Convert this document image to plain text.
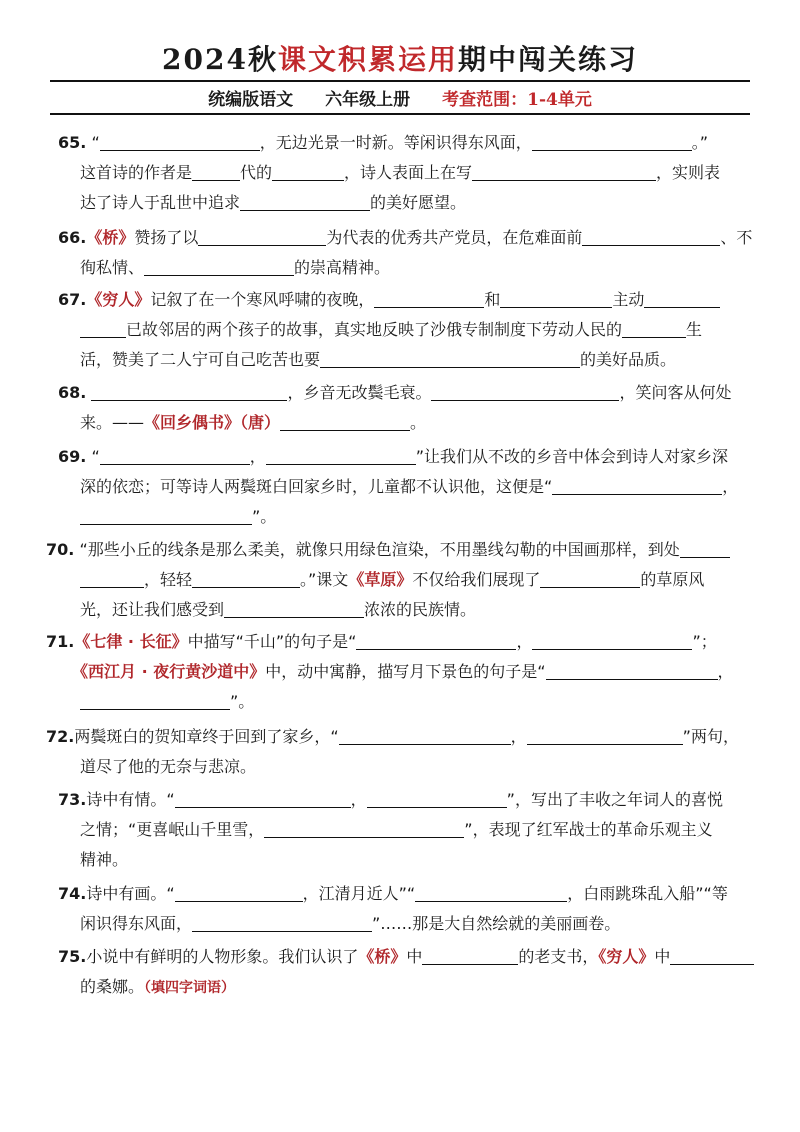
2024秋课文积累运用期中闯关练习
统编版语文 六年级上册 考查范围：1-4单元
65. “	，无边光景一时新。等闲识得东风面，	。”
这首诗的作者是	代的	，诗人表面上在写	，实则表
达了诗人于乱世中追求	的美好愿望。
66.《桥》赞扬了以	为代表的优秀共产党员，在危难面前	、不
徇私情、	的崇高精神。
67.《穷人》记叙了在一个寒风呼啸的夜晚，	和	主动
已故邻居的两个孩子的故事，真实地反映了沙俄专制制度下劳动人民的	生
活，赞美了二人宁可自己吃苦也要	的美好品质。
68.	，乡音无改鬓毛衰。	，笑问客从何处
来。——《回乡偶书》（唐）	。
69. “	，	”让我们从不改的乡音中体会到诗人对家乡深
深的依恋；可等诗人两鬓斑白回家乡时，儿童都不认识他，这便是“	，
”。
70. “那些小丘的线条是那么柔美，就像只用绿色渲染，不用墨线勾勒的中国画那样，到处
，轻轻	。”课文《草原》不仅给我们展现了	的草原风
光，还让我们感受到	浓浓的民族情。
71.《七律 · 长征》中描写“千山”的句子是“	，	”；
《西江月 · 夜行黄沙道中》中，动中寓静，描写月下景色的句子是“	，
”。
72.两鬓斑白的贺知章终于回到了家乡，“	，	”两句，
道尽了他的无奈与悲凉。
73.诗中有情。“	，	”，写出了丰收之年词人的喜悦
之情；“更喜岷山千里雪，	”，表现了红军战士的革命乐观主义
精神。
74.诗中有画。“	，江清月近人”“	，白雨跳珠乱入船”“等
闲识得东风面，	”……那是大自然绘就的美丽画卷。
75.小说中有鲜明的人物形象。我们认识了《桥》中	的老支书，《穷人》中
的桑娜。（填四字词语）
